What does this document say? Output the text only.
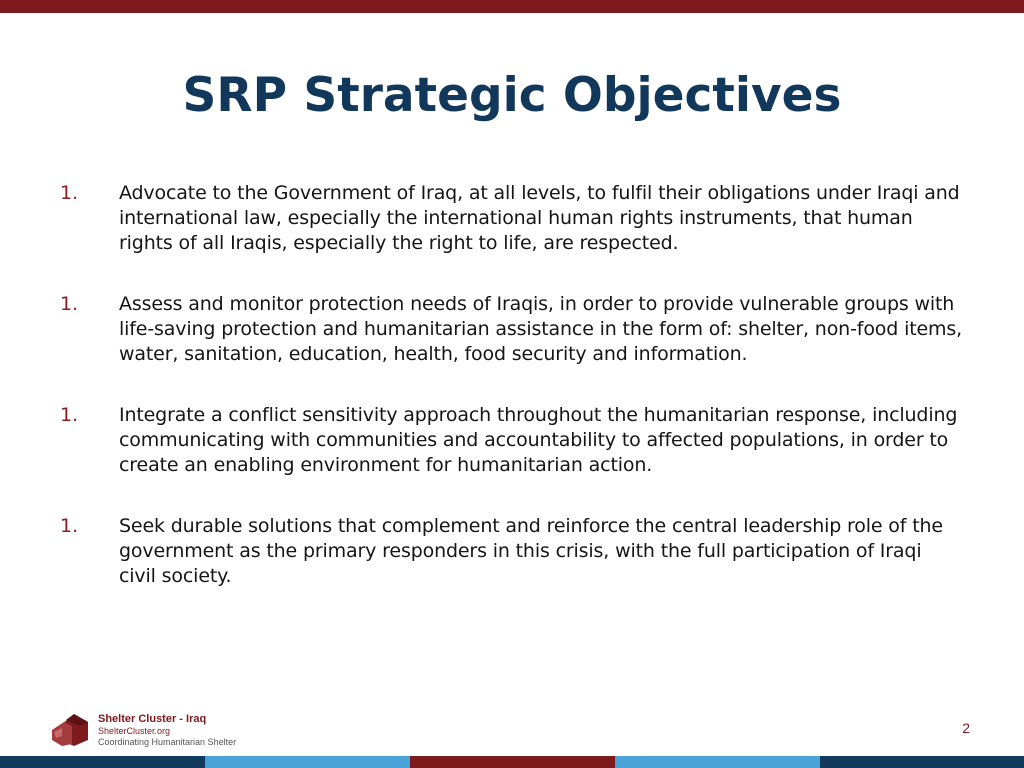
SRP Strategic Objectives
1.	Advocate to the Government of Iraq, at all levels, to fulfil their obligations under Iraqi and international law, especially the international human rights instruments, that human rights of all Iraqis, especially the right to life, are respected.
1.	Assess and monitor protection needs of Iraqis, in order to provide vulnerable groups with life-saving protection and humanitarian assistance in the form of: shelter, non-food items, water, sanitation, education, health, food security and information.
1.	Integrate a conflict sensitivity approach throughout the humanitarian response, including communicating with communities and accountability to affected populations, in order to create an enabling environment for humanitarian action.
1.	Seek durable solutions that complement and reinforce the central leadership role of the government as the primary responders in this crisis, with the full participation of Iraqi civil society.
Shelter Cluster - Iraq
ShelterCluster.org
Coordinating Humanitarian Shelter
2
